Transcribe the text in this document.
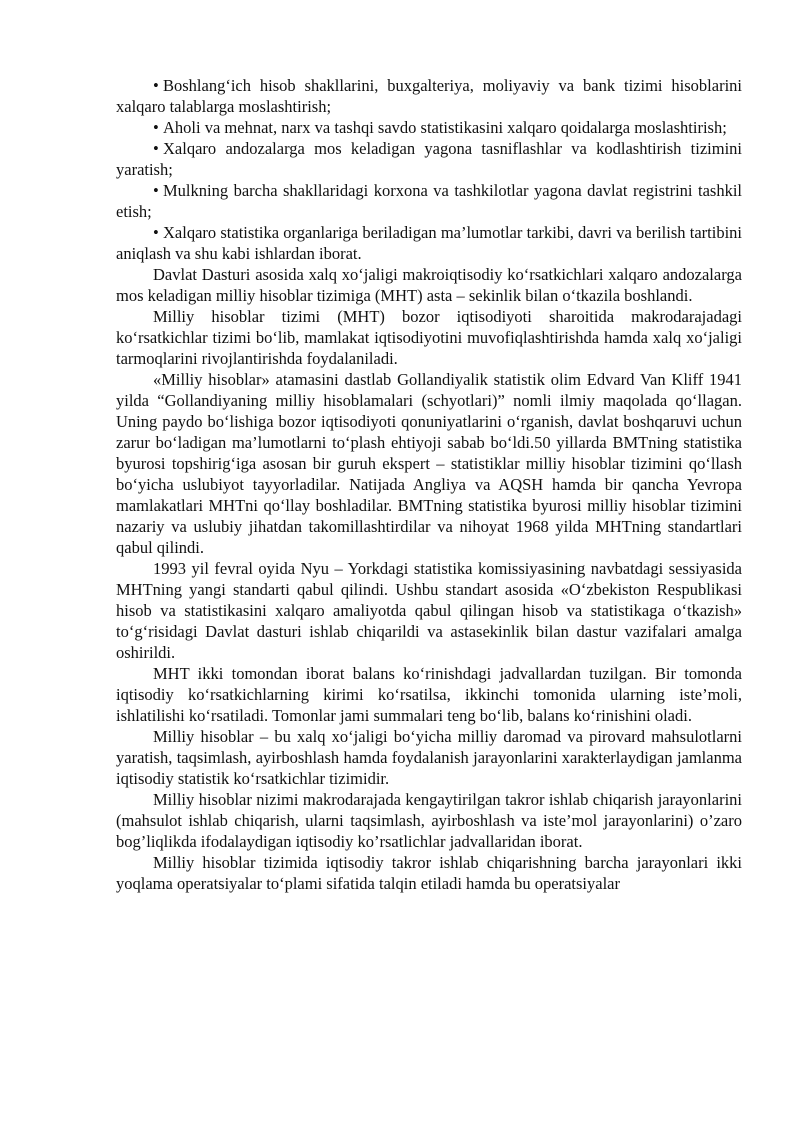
• Boshlang‘ich hisob shakllarini, buxgalteriya, moliyaviy va bank tizimi hisoblarini xalqaro talablarga moslashtirish;

• Aholi va mehnat, narx va tashqi savdo statistikasini xalqaro qoidalarga moslashtirish;

• Xalqaro andozalarga mos keladigan yagona tasniflashlar va kodlashtirish tizimini yaratish;

• Mulkning barcha shakllaridagi korxona va tashkilotlar yagona davlat registrini tashkil etish;

• Xalqaro statistika organlariga beriladigan ma’lumotlar tarkibi, davri va berilish tartibini aniqlash va shu kabi ishlardan iborat.

Davlat Dasturi asosida xalq xo‘jaligi makroiqtisodiy ko‘rsatkichlari xalqaro andozalarga mos keladigan milliy hisoblar tizimiga (MHT) asta – sekinlik bilan o‘tkazila boshlandi.

Milliy hisoblar tizimi (MHT) bozor iqtisodiyoti sharoitida makrodarajadagi ko‘rsatkichlar tizimi bo‘lib, mamlakat iqtisodiyotini muvofiqlashtirishda hamda xalq xo‘jaligi tarmoqlarini rivojlantirishda foydalaniladi.

«Milliy hisoblar» atamasini dastlab Gollandiyalik statistik olim Edvard Van Kliff 1941 yilda “Gollandiyaning milliy hisoblamalari (schyotlari)” nomli ilmiy maqolada qo‘llagan. Uning paydo bo‘lishiga bozor iqtisodiyoti qonuniyatlarini o‘rganish, davlat boshqaruvi uchun zarur bo‘ladigan ma’lumotlarni to‘plash ehtiyoji sabab bo‘ldi.50 yillarda BMTning statistika byurosi topshirig‘iga asosan bir guruh ekspert – statistiklar milliy hisoblar tizimini qo‘llash bo‘yicha uslubiyot tayyorladilar. Natijada Angliya va AQSH hamda bir qancha Yevropa mamlakatlari MHTni qo‘llay boshladilar. BMTning statistika byurosi milliy hisoblar tizimini nazariy va uslubiy jihatdan takomillashtirdilar va nihoyat 1968 yilda MHTning standartlari qabul qilindi.

1993 yil fevral oyida Nyu – Yorkdagi statistika komissiyasining navbatdagi sessiyasida MHTning yangi standarti qabul qilindi. Ushbu standart asosida «O‘zbekiston Respublikasi hisob va statistikasini xalqaro amaliyotda qabul qilingan hisob va statistikaga o‘tkazish» to‘g‘risidagi Davlat dasturi ishlab chiqarildi va astasekinlik bilan dastur vazifalari amalga oshirildi.

MHT ikki tomondan iborat balans ko‘rinishdagi jadvallardan tuzilgan. Bir tomonda iqtisodiy ko‘rsatkichlarning kirimi ko‘rsatilsa, ikkinchi tomonida ularning iste’moli, ishlatilishi ko‘rsatiladi. Tomonlar jami summalari teng bo‘lib, balans ko‘rinishini oladi.

Milliy hisoblar – bu xalq xo‘jaligi bo‘yicha milliy daromad va pirovard mahsulotlarni yaratish, taqsimlash, ayirboshlash hamda foydalanish jarayonlarini xarakterlaydigan jamlanma iqtisodiy statistik ko‘rsatkichlar tizimidir.

Milliy hisoblar nizimi makrodarajada kengaytirilgan takror ishlab chiqarish jarayonlarini (mahsulot ishlab chiqarish, ularni taqsimlash, ayirboshlash va iste’mol jarayonlarini) o’zaro bog’liqlikda ifodalaydigan iqtisodiy ko’rsatlichlar jadvallaridan iborat.

Milliy hisoblar tizimida iqtisodiy takror ishlab chiqarishning barcha jarayonlari ikki yoqlama operatsiyalar to‘plami sifatida talqin etiladi hamda bu operatsiyalar
